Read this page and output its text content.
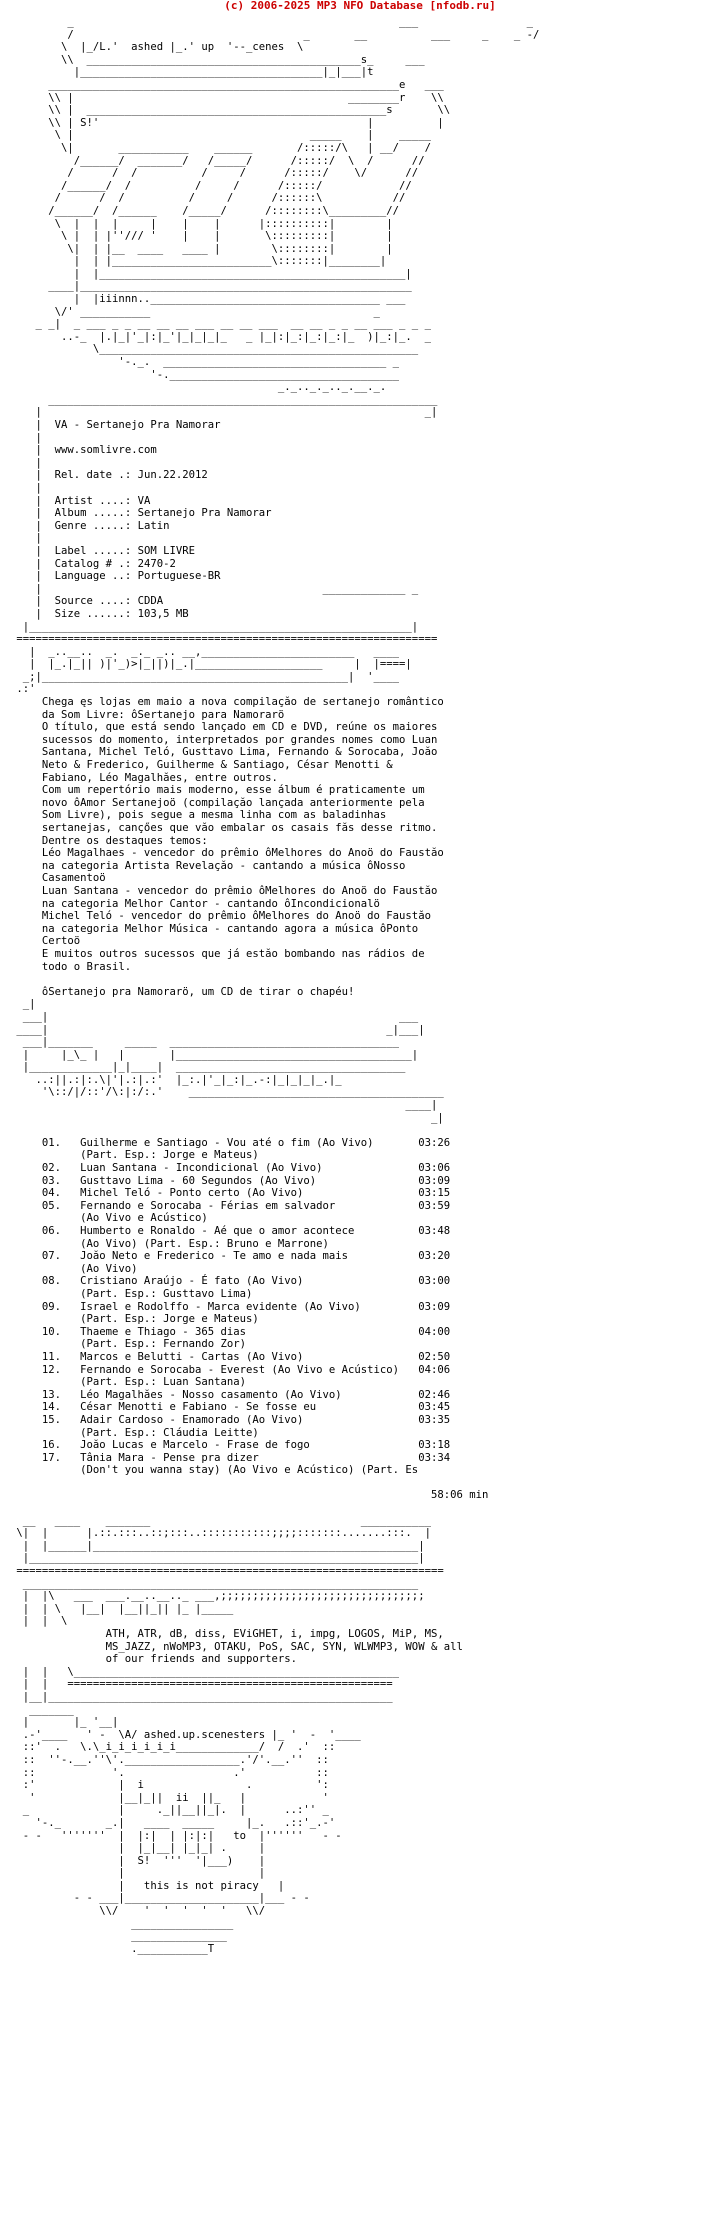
(c) 2006-2025 MP3 NFO Database [nfodb.ru]
_                                                   ___                 _
/                                    _       __          ___     _    _ -/
\  |_/L.'  ashed |_.' up  '--_cenes  \
\\  ___________________________________________s_     ___
|______________________________________|_|___|t
_______________________________________________________e   ___
\\ |                                           ________r    \\
\\ |  _______________________________________________s       \\
\\ | S!'                                          |          |
\ |                                     _____    |    _____
\|       ___________    ______       /:::::/\   | __/    /
/______/  _______/   /_____/      /:::::/  \  /      //
/      /  /          /     /      /:::::/    \/      //
/______/  /          /     /      /:::::/            //
/      /  /          /     /      /::::::\           //
/______/  /______    /_____/      /::::::::\_________//
\  |  |  |     |    |    |      |::::::::::|        |
\ |  | |''/// '    |    |       \:::::::::|        |
\|  | |__  ____   ____ |        \::::::::|        |
|  | |_________________________\:::::::|________|
|  |________________________________________________|
____|____________________________________________________
|  |iiinnn..____________________________________ ___
\/' ___________                                   _
_ _|  _ ___ _ _ __ __ __ ___ __ __ ___  __ __ _ _ __ ___ _ _ _
..-_  |.|_|'_|:|_'|_|_|_|_   _ |_|:|_:|_:|_:|_  )|_:|_.  _
\__________________________________________________
'-._.  ___________________________________ _
'-.____________________________________
_._.._._.._.__._.
_____________________________________________________________
|                                                            _|
|  VA - Sertanejo Pra Namorar
|
|  www.somlivre.com
|
|  Rel. date .: Jun.22.2012
|
|  Artist ....: VA
|  Album .....: Sertanejo Pra Namorar
|  Genre .....: Latin
|
|  Label .....: SOM LIVRE
|  Catalog # .: 2470-2
|  Language ..: Portuguese-BR
|                                            _____________ _
|  Source ....: CDDA
|  Size ......: 103,5 MB
|____________________________________________________________|
==================================================================
|  _..__..  _.  _._ _.. __,________________________   ____
|  |_.|_|| )|'_)>|_||)|_.|____________________     |  |====|
_;|________________________________________________|  '____
.:'
Chega ęs lojas em maio a nova compilaçăo de sertanejo romântico
da Som Livre: ôSertanejo para Namorarö
O título, que está sendo lançado em CD e DVD, reúne os maiores
sucessos do momento, interpretados por grandes nomes como Luan
Santana, Michel Teló, Gusttavo Lima, Fernando & Sorocaba, Joăo
Neto & Frederico, Guilherme & Santiago, César Menotti &
Fabiano, Léo Magalhăes, entre outros.
Com um repertório mais moderno, esse álbum é praticamente um
novo ôAmor Sertanejoö (compilaçăo lançada anteriormente pela
Som Livre), pois segue a mesma linha com as baladinhas
sertanejas, cançőes que văo embalar os casais făs desse ritmo.
Dentre os destaques temos:
Léo Magalhaes - vencedor do prêmio ôMelhores do Anoö do Faustăo
na categoria Artista Revelaçăo - cantando a música ôNosso
Casamentoö
Luan Santana - vencedor do prêmio ôMelhores do Anoö do Faustăo
na categoria Melhor Cantor - cantando ôIncondicionalö
Michel Teló - vencedor do prêmio ôMelhores do Anoö do Faustăo
na categoria Melhor Música - cantando agora a música ôPonto
Certoö
E muitos outros sucessos que já estăo bombando nas rádios de
todo o Brasil.

ôSertanejo pra Namorarö, um CD de tirar o chapéu!
_|
___|                                                       ___
____|                                                     _|___|
___|_______     _____  ____________________________________
|     |_\_ |   |       |_____________________________________|
|_____________|_|____|  ____________________________________
..:||.:|:.\|'|.:|.:'  |_:.|'_|_:|_.-:|_|_|_|_.|_
'\::/|/::'/\:|:/:.'    ________________________________________
____|
_|

01.   Guilherme e Santiago - Vou até o fim (Ao Vivo)       03:26
(Part. Esp.: Jorge e Mateus)
02.   Luan Santana - Incondicional (Ao Vivo)               03:06
03.   Gusttavo Lima - 60 Segundos (Ao Vivo)                03:09
04.   Michel Teló - Ponto certo (Ao Vivo)                  03:15
05.   Fernando e Sorocaba - Férias em salvador             03:59
(Ao Vivo e Acústico)
06.   Humberto e Ronaldo - Aé que o amor acontece          03:48
(Ao Vivo) (Part. Esp.: Bruno e Marrone)
07.   Joăo Neto e Frederico - Te amo e nada mais           03:20
(Ao Vivo)
08.   Cristiano Araújo - É fato (Ao Vivo)                  03:00
(Part. Esp.: Gusttavo Lima)
09.   Israel e Rodolffo - Marca evidente (Ao Vivo)         03:09
(Part. Esp.: Jorge e Mateus)
10.   Thaeme e Thiago - 365 dias                           04:00
(Part. Esp.: Fernando Zor)
11.   Marcos e Belutti - Cartas (Ao Vivo)                  02:50
12.   Fernando e Sorocaba - Everest (Ao Vivo e Acústico)   04:06
(Part. Esp.: Luan Santana)
13.   Léo Magalhăes - Nosso casamento (Ao Vivo)            02:46
14.   César Menotti e Fabiano - Se fosse eu                03:45
15.   Adair Cardoso - Enamorado (Ao Vivo)                  03:35
(Part. Esp.: Cláudia Leitte)
16.   Joăo Lucas e Marcelo - Frase de fogo                 03:18
17.   Tânia Mara - Pense pra dizer                         03:34
(Don't you wanna stay) (Ao Vivo e Acústico) (Part. Es

58:06 min

__   ____    _______                                 ___________
\|  |      |.::.:::..::;:::..:::::::::::;;;;:::::::.......:::.  |
|  |______|___________________________________________________|
|_____________________________________________________________|
===================================================================
______________________________________________________________
|  |\   ___  ___.__..__.._ ___,;;;;;;;;;;;;;;;;;;;;;;;;;;;;;;;;
|  | \   |__|  |__||_|| |_ |_____
|  |  \
ATH, ATR, dB, diss, EViGHET, i, impg, LOGOS, MiP, MS,
MS_JAZZ, nWoMP3, OTAKU, PoS, SAC, SYN, WLWMP3, WOW & all
of our friends and supporters.
|  |   \___________________________________________________
|  |   ===================================================
|__|______________________________________________________
_______
|       |_ '__|
.-'____   ' -  \A/ ashed.up.scenesters |_ '  -  '____
::'  .   \.\_i_i_i_i_i_i_____________/  /  .'  ::
::  ''-.__.''\'.__________________.'/'.__.''  ::
::            '.                 .'           ::
:'             |  i                .          ':
'             |__|_||  ii  ||_   |            '
_              |     ._||__||_|.  |      ..:'' _
'-._       _.|   ____  _____     |_.   .::'_.-'
- -   '''''''  |  |:|  | |:|:|   to  |''''''   - -
|  |_|__| |_|_| .     |
|  S!  '''  '|___)    |
|                     |
|   this is not piracy   |
- - ___|_____________________|___ - -
\\/    '  '  '  '  '   \\/
________________
_______________
.___________T
